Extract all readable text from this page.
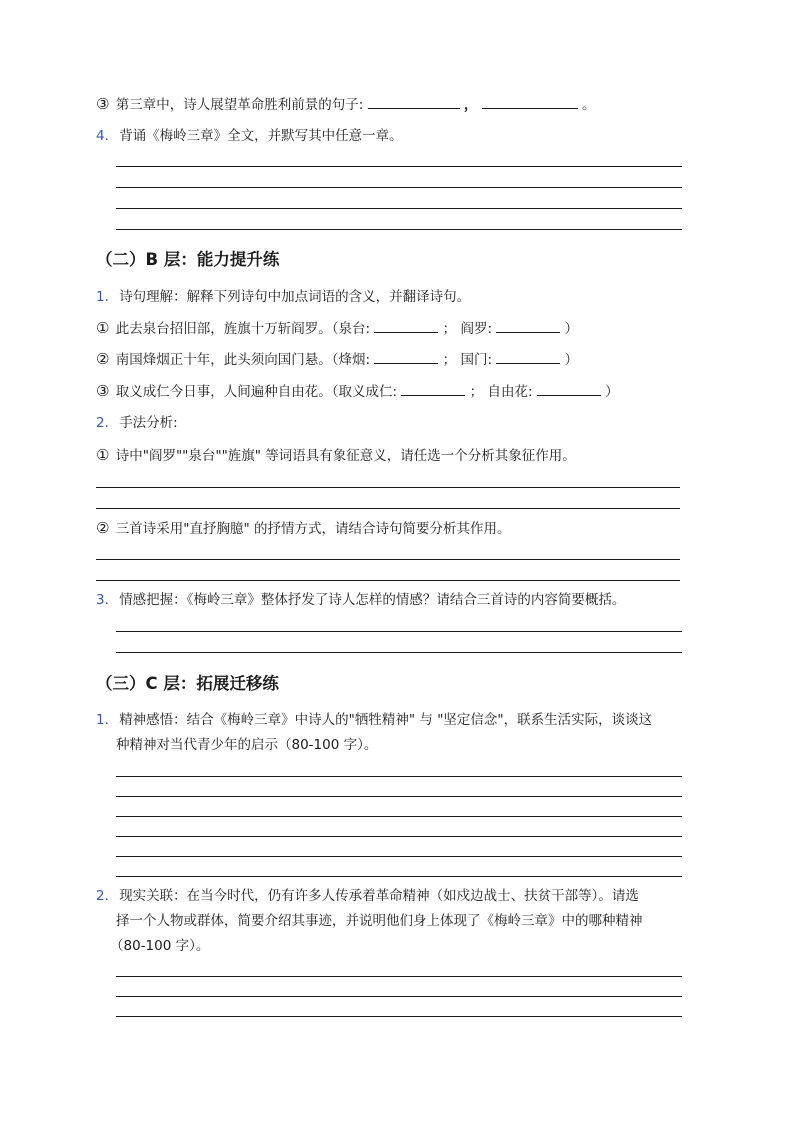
③ 第三章中，诗人展望革命胜利前景的句子:	，	。
4. 背诵《梅岭三章》全文，并默写其中任意一章。
（二）B 层：能力提升练
1. 诗句理解：解释下列诗句中加点词语的含义，并翻译诗句。
① 此去泉台招旧部，旌旗十万斩阎罗。（泉台:	； 阎罗:	）
② 南国烽烟正十年，此头须向国门悬。（烽烟:	； 国门:	）
③ 取义成仁今日事，人间遍种自由花。（取义成仁:	； 自由花:	）
2. 手法分析:
① 诗中"阎罗""泉台""旌旗" 等词语具有象征意义，请任选一个分析其象征作用。
② 三首诗采用"直抒胸臆" 的抒情方式，请结合诗句简要分析其作用。
3. 情感把握：《梅岭三章》整体抒发了诗人怎样的情感？请结合三首诗的内容简要概括。
（三）C 层：拓展迁移练
1. 精神感悟：结合《梅岭三章》中诗人的"牺牲精神" 与 "坚定信念"，联系生活实际，谈谈这
种精神对当代青少年的启示（80-100 字）。
2. 现实关联：在当今时代，仍有许多人传承着革命精神（如戍边战士、扶贫干部等）。请选
择一个人物或群体，简要介绍其事迹，并说明他们身上体现了《梅岭三章》中的哪种精神
（80-100 字）。
